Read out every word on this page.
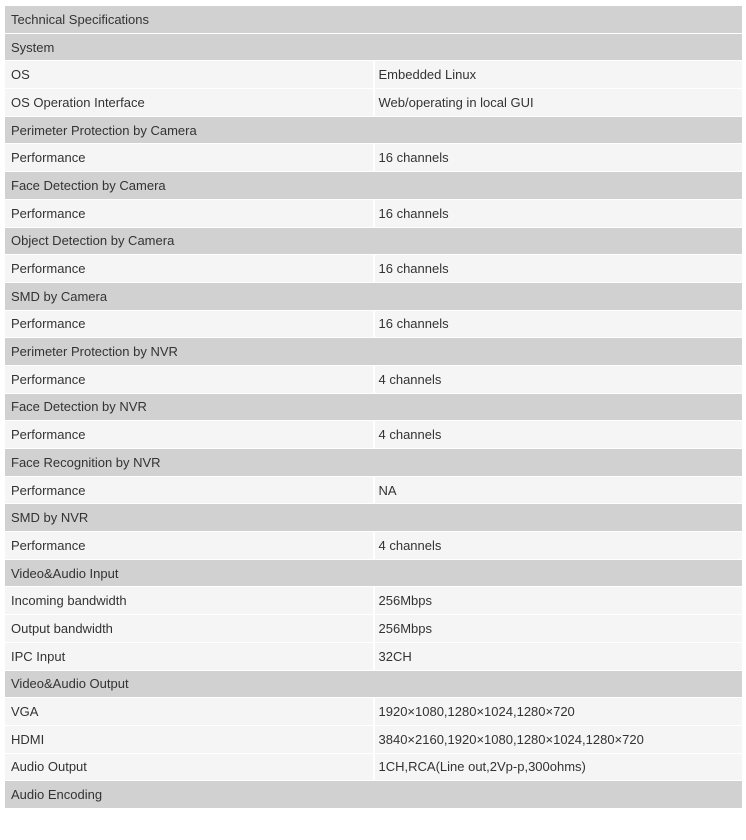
Technical Specifications	
System	
OS	Embedded Linux
OS Operation Interface	Web/operating in local GUI
Perimeter Protection by Camera	
Performance	16 channels
Face Detection by Camera	
Performance	16 channels
Object Detection by Camera	
Performance	16 channels
SMD by Camera	
Performance	16 channels
Perimeter Protection by NVR	
Performance	4 channels
Face Detection by NVR	
Performance	4 channels
Face Recognition by NVR	
Performance	NA
SMD by NVR	
Performance	4 channels
Video&Audio Input	
Incoming bandwidth	256Mbps
Output bandwidth	256Mbps
IPC Input	32CH
Video&Audio Output	
VGA	1920×1080,1280×1024,1280×720
HDMI	3840×2160,1920×1080,1280×1024,1280×720
Audio Output	1CH,RCA(Line out,2Vp-p,300ohms)
Audio Encoding	
